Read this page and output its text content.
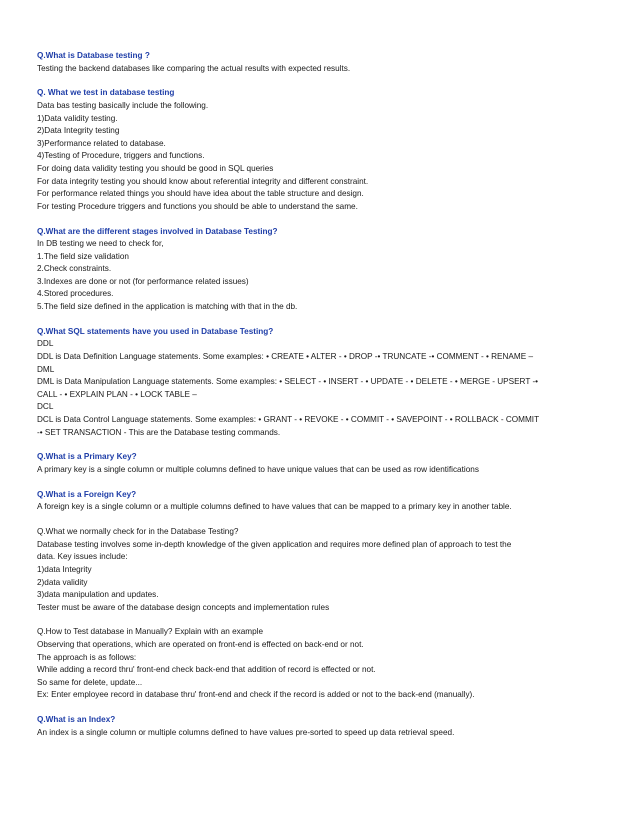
Q.What is Database testing ?
Testing the backend databases like comparing the actual results with expected results.
Q. What we test in database testing
Data bas testing basically include the following.
1)Data validity testing.
2)Data Integrity testing
3)Performance related to database.
4)Testing of Procedure, triggers and functions.
For doing data validity testing you should be good in SQL queries
For data integrity testing you should know about referential integrity and different constraint.
For performance related things you should have idea about the table structure and design.
For testing Procedure triggers and functions you should be able to understand the same.
Q.What are the different stages involved in Database Testing?
In DB testing we need to check for,
1.The field size validation
2.Check constraints.
3.Indexes are done or not (for performance related issues)
4.Stored procedures.
5.The field size defined in the application is matching with that in the db.
Q.What SQL statements have you used in Database Testing?
DDL
DDL is Data Definition Language statements. Some examples: • CREATE • ALTER - • DROP -• TRUNCATE -• COMMENT - • RENAME –
DML
DML is Data Manipulation Language statements. Some examples: • SELECT - • INSERT - • UPDATE - • DELETE - • MERGE - UPSERT -•
CALL - • EXPLAIN PLAN - • LOCK TABLE –
DCL
DCL is Data Control Language statements. Some examples: • GRANT - • REVOKE - • COMMIT - • SAVEPOINT - • ROLLBACK - COMMIT
-• SET TRANSACTION - This are the Database testing commands.
Q.What is a Primary Key?
A primary key is a single column or multiple columns defined to have unique values that can be used as row identifications
Q.What is a Foreign Key?
A foreign key is a single column or a multiple columns defined to have values that can be mapped to a primary key in another table.
Q.What we normally check for in the Database Testing?
Database testing involves some in-depth knowledge of the given application and requires more defined plan of approach to test the
data. Key issues include:
1)data Integrity
2)data validity
3)data manipulation and updates.
Tester must be aware of the database design concepts and implementation rules
Q.How to Test database in Manually? Explain with an example
Observing that operations, which are operated on front-end is effected on back-end or not.
The approach is as follows:
While adding a record thru' front-end check back-end that addition of record is effected or not.
So same for delete, update...
Ex: Enter employee record in database thru' front-end and check if the record is added or not to the back-end (manually).
Q.What is an Index?
An index is a single column or multiple columns defined to have values pre-sorted to speed up data retrieval speed.
